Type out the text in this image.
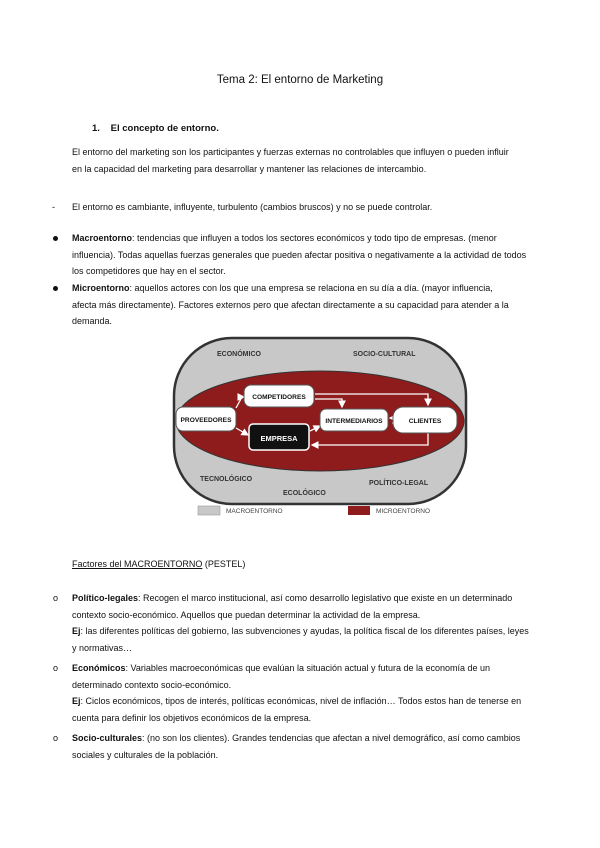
Tema 2: El entorno de Marketing
1. El concepto de entorno.
El entorno del marketing son los participantes y fuerzas externas no controlables que influyen o pueden influir en la capacidad del marketing para desarrollar y mantener las relaciones de intercambio.
- El entorno es cambiante, influyente, turbulento (cambios bruscos) y no se puede controlar.
Macroentorno: tendencias que influyen a todos los sectores económicos y todo tipo de empresas. (menor influencia). Todas aquellas fuerzas generales que pueden afectar positiva o negativamente a la actividad de todos los competidores que hay en el sector.
Microentorno: aquellos actores con los que una empresa se relaciona en su día a día. (mayor influencia, afecta más directamente). Factores externos pero que afectan directamente a su capacidad para atender a la demanda.
ECONÓMICO	SOCIO-CULTURAL
TECNOLÓGICO
ECOLÓGICO
POLÍTICO-LEGAL
PROVEEDORES
COMPETIDORES
EMPRESA
INTERMEDIARIOS	CLIENTES
MACROENTORNO	MICROENTORNO
Factores del MACROENTORNO (PESTEL)
o Político-legales: Recogen el marco institucional, así como desarrollo legislativo que existe en un determinado contexto socio-económico. Aquellos que puedan determinar la actividad de la empresa.
Ej: las diferentes políticas del gobierno, las subvenciones y ayudas, la política fiscal de los diferentes países, leyes y normativas…
o Económicos: Variables macroeconómicas que evalúan la situación actual y futura de la economía de un determinado contexto socio-económico.
Ej: Ciclos económicos, tipos de interés, políticas económicas, nivel de inflación… Todos estos han de tenerse en cuenta para definir los objetivos económicos de la empresa.
o Socio-culturales: (no son los clientes). Grandes tendencias que afectan a nivel demográfico, así como cambios sociales y culturales de la población.
